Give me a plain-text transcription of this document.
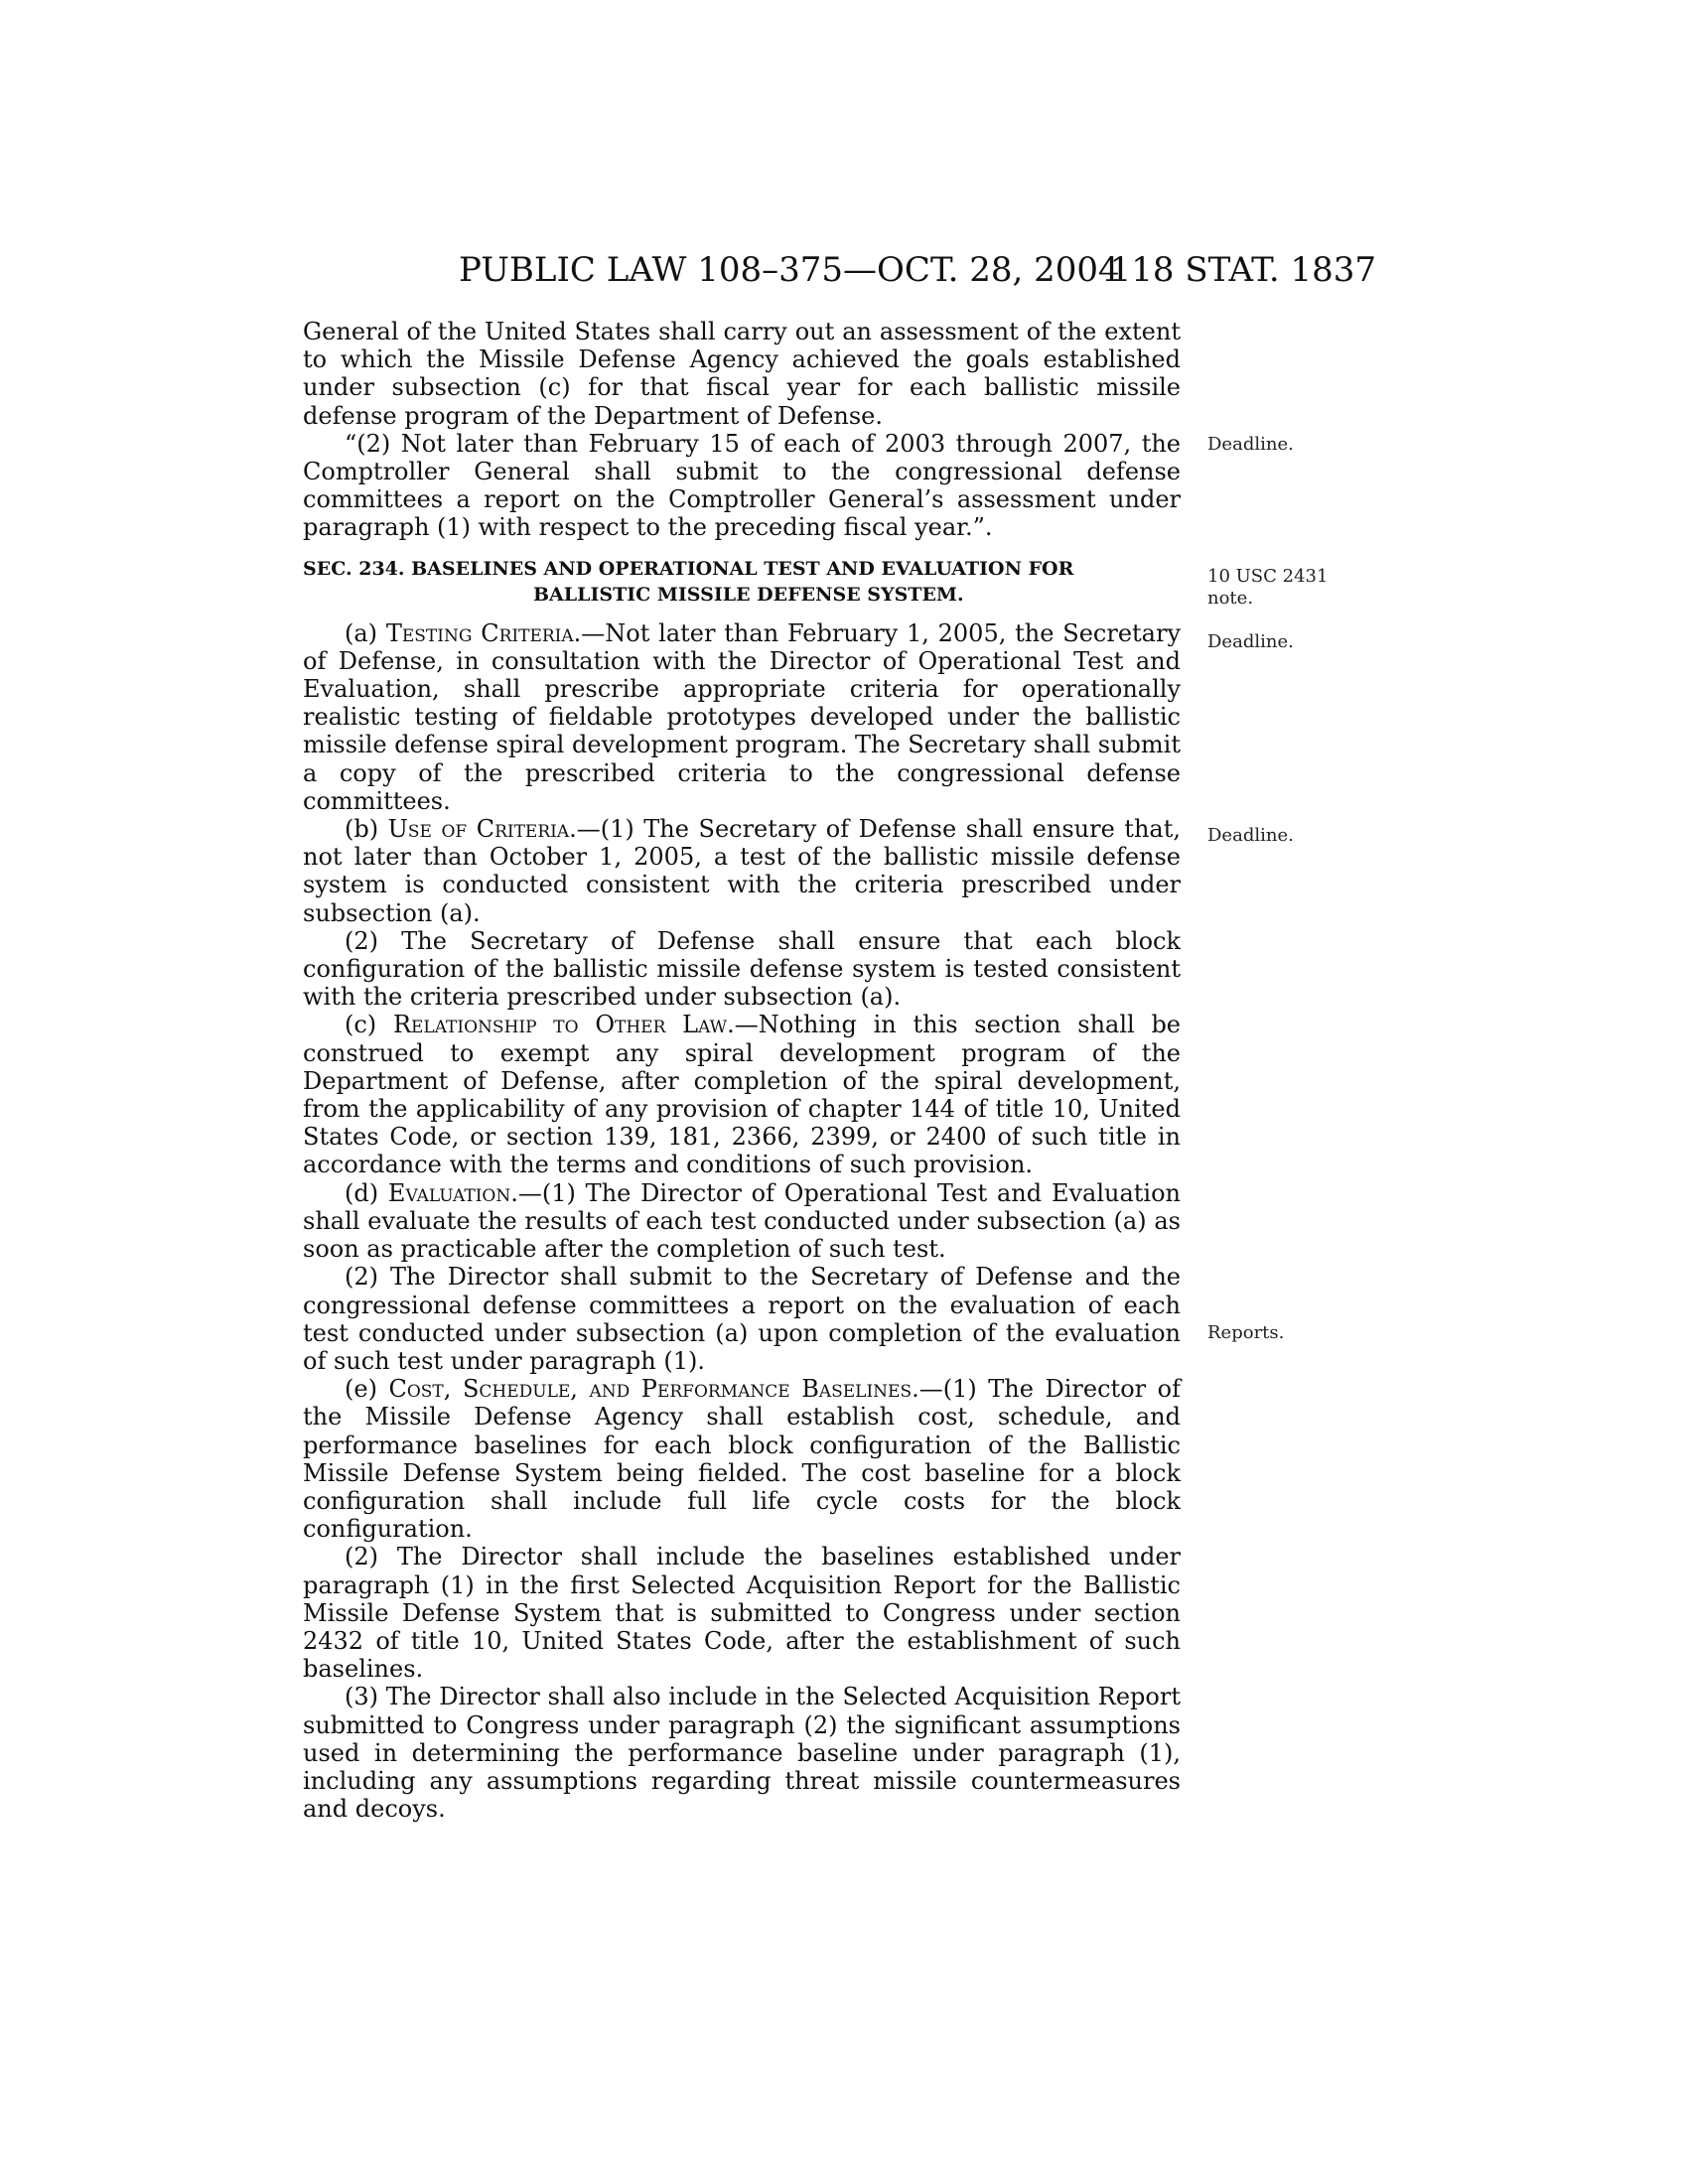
PUBLIC LAW 108–375—OCT. 28, 2004
118 STAT. 1837
Deadline.
10 USC 2431
note.
Deadline.
Deadline.
Reports.

General of the United States shall carry out an assessment of the extent to which the Missile Defense Agency achieved the goals established under subsection (c) for that fiscal year for each ballistic missile defense program of the Department of Defense.

“(2) Not later than February 15 of each of 2003 through 2007, the Comptroller General shall submit to the congressional defense committees a report on the Comptroller General’s assessment under paragraph (1) with respect to the preceding fiscal year.”.

SEC. 234. BASELINES AND OPERATIONAL TEST AND EVALUATION FOR BALLISTIC MISSILE DEFENSE SYSTEM.

(a) Testing Criteria.—Not later than February 1, 2005, the Secretary of Defense, in consultation with the Director of Operational Test and Evaluation, shall prescribe appropriate criteria for operationally realistic testing of fieldable prototypes developed under the ballistic missile defense spiral development program. The Secretary shall submit a copy of the prescribed criteria to the congressional defense committees.

(b) Use of Criteria.—(1) The Secretary of Defense shall ensure that, not later than October 1, 2005, a test of the ballistic missile defense system is conducted consistent with the criteria prescribed under subsection (a).

(2) The Secretary of Defense shall ensure that each block configuration of the ballistic missile defense system is tested consistent with the criteria prescribed under subsection (a).

(c) Relationship to Other Law.—Nothing in this section shall be construed to exempt any spiral development program of the Department of Defense, after completion of the spiral development, from the applicability of any provision of chapter 144 of title 10, United States Code, or section 139, 181, 2366, 2399, or 2400 of such title in accordance with the terms and conditions of such provision.

(d) Evaluation.—(1) The Director of Operational Test and Evaluation shall evaluate the results of each test conducted under subsection (a) as soon as practicable after the completion of such test.

(2) The Director shall submit to the Secretary of Defense and the congressional defense committees a report on the evaluation of each test conducted under subsection (a) upon completion of the evaluation of such test under paragraph (1).

(e) Cost, Schedule, and Performance Baselines.—(1) The Director of the Missile Defense Agency shall establish cost, schedule, and performance baselines for each block configuration of the Ballistic Missile Defense System being fielded. The cost baseline for a block configuration shall include full life cycle costs for the block configuration.

(2) The Director shall include the baselines established under paragraph (1) in the first Selected Acquisition Report for the Ballistic Missile Defense System that is submitted to Congress under section 2432 of title 10, United States Code, after the establishment of such baselines.

(3) The Director shall also include in the Selected Acquisition Report submitted to Congress under paragraph (2) the significant assumptions used in determining the performance baseline under paragraph (1), including any assumptions regarding threat missile countermeasures and decoys.
